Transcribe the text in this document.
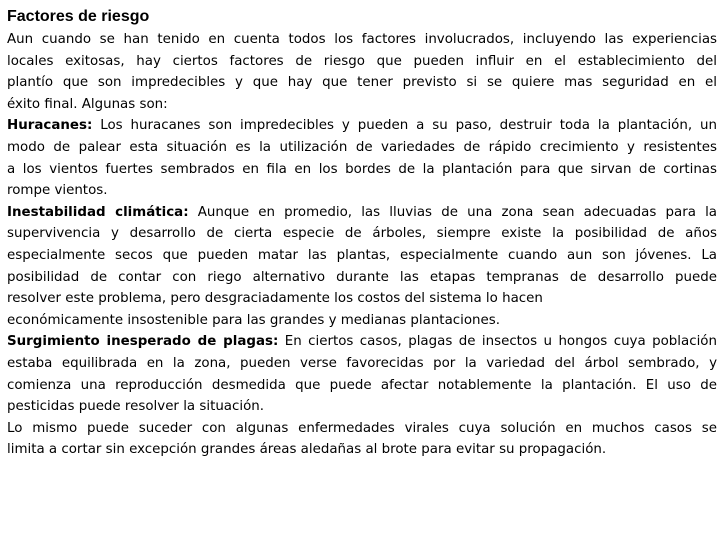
Factores de riesgo
Aun cuando se han tenido en cuenta todos los factores involucrados, incluyendo las experiencias
locales exitosas, hay ciertos factores de riesgo que pueden influir en el establecimiento del
plantío que son impredecibles y que hay que tener previsto si se quiere mas seguridad en el
éxito final. Algunas son:
Huracanes: Los huracanes son impredecibles y pueden a su paso, destruir toda la plantación, un
modo de palear esta situación es la utilización de variedades de rápido crecimiento y resistentes
a los vientos fuertes sembrados en fila en los bordes de la plantación para que sirvan de cortinas
rompe vientos.
Inestabilidad climática: Aunque en promedio, las lluvias de una zona sean adecuadas para la
supervivencia y desarrollo de cierta especie de árboles, siempre existe la posibilidad de años
especialmente secos que pueden matar las plantas, especialmente cuando aun son jóvenes. La
posibilidad de contar con riego alternativo durante las etapas tempranas de desarrollo puede
resolver este problema, pero desgraciadamente los costos del sistema lo hacen
económicamente insostenible para las grandes y medianas plantaciones.
Surgimiento inesperado de plagas: En ciertos casos, plagas de insectos u hongos cuya población
estaba equilibrada en la zona, pueden verse favorecidas por la variedad del árbol sembrado, y
comienza una reproducción desmedida que puede afectar notablemente la plantación. El uso de
pesticidas puede resolver la situación.
Lo mismo puede suceder con algunas enfermedades virales cuya solución en muchos casos se
limita a cortar sin excepción grandes áreas aledañas al brote para evitar su propagación.
